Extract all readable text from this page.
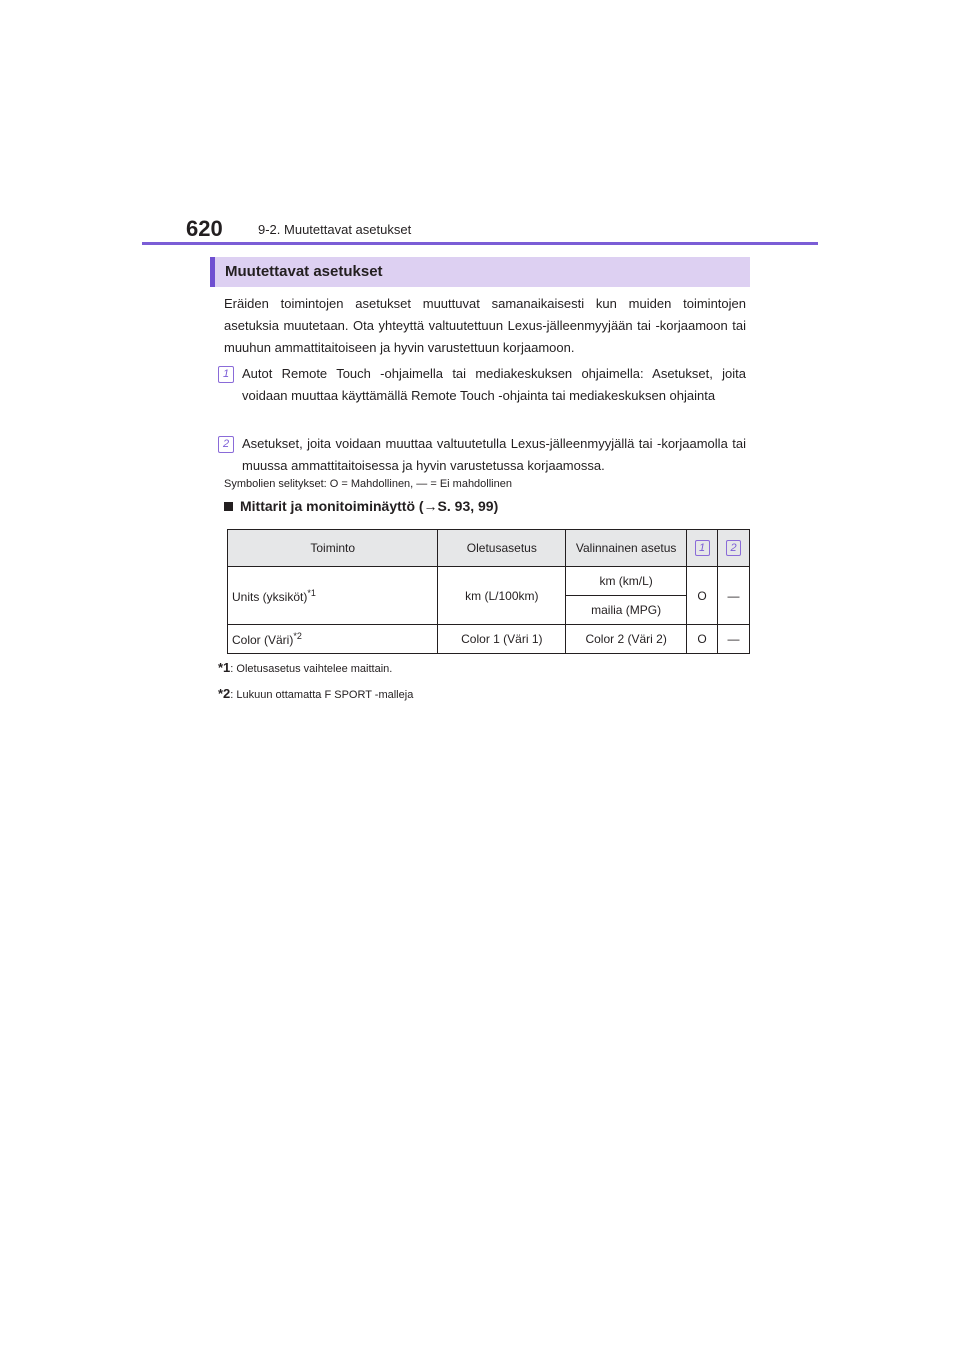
620	9-2. Muutettavat asetukset
Muutettavat asetukset
Eräiden toimintojen asetukset muuttuvat samanaikaisesti kun muiden toimintojen asetuksia muutetaan. Ota yhteyttä valtuutettuun Lexus-jälleenmyyjään tai -korjaamoon tai muuhun ammattitaitoiseen ja hyvin varustettuun korjaamoon.
1 Autot Remote Touch -ohjaimella tai mediakeskuksen ohjaimella: Asetukset, joita voidaan muuttaa käyttämällä Remote Touch -ohjainta tai mediakeskuksen ohjainta
2 Asetukset, joita voidaan muuttaa valtuutetulla Lexus-jälleenmyyjällä tai -korjaamolla tai muussa ammattitaitoisessa ja hyvin varustetussa korjaamossa.
Symbolien selitykset: O = Mahdollinen, — = Ei mahdollinen
Mittarit ja monitoiminäyttö (→S. 93, 99)
Toiminto	Oletusasetus	Valinnainen asetus	1	2
Units (yksiköt)$^{*1}$	km (L/100km)	km (km/L)	O	—
		mailia (MPG)		
Color (Väri)$^{*2}$	Color 1 (Väri 1)	Color 2 (Väri 2)	O	—
*1: Oletusasetus vaihtelee maittain.
*2: Lukuun ottamatta F SPORT -malleja
